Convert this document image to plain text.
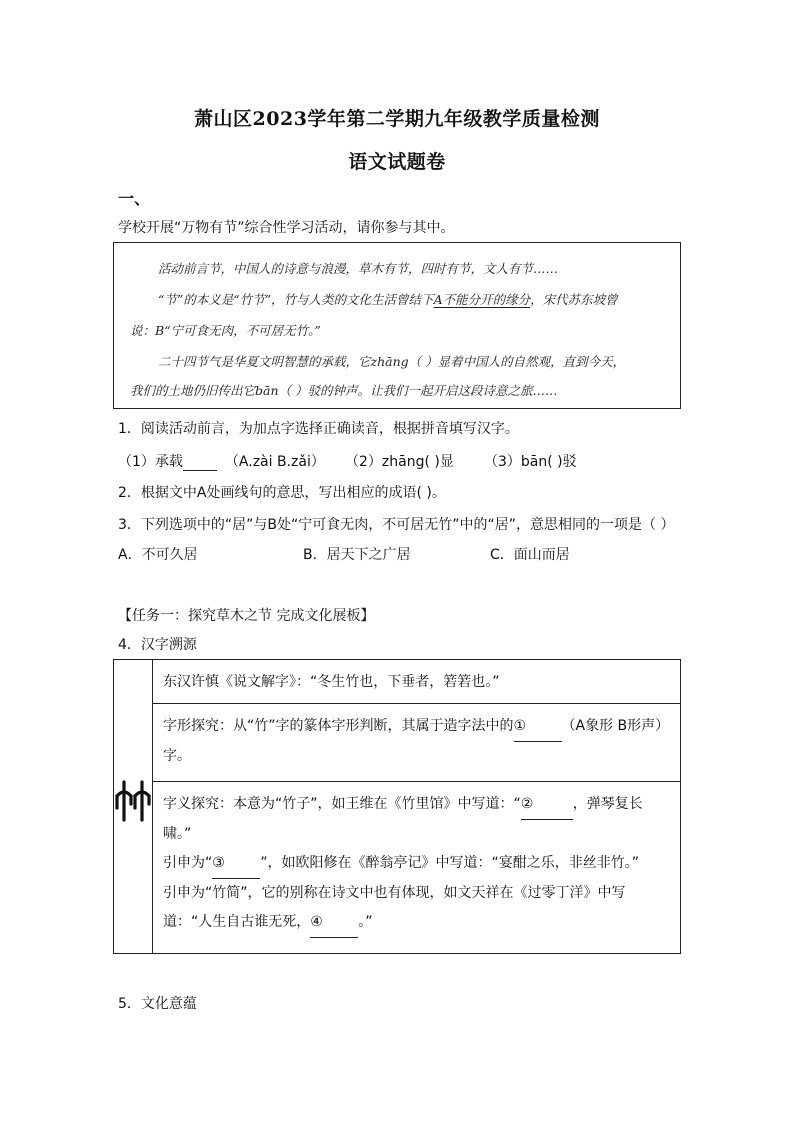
萧山区2023学年第二学期九年级教学质量检测
语文试题卷
一、
学校开展“万物有节”综合性学习活动，请你参与其中。
活动前言节，中国人的诗意与浪漫，草木有节，四时有节，文人有节……
“节”的本义是“竹节”，竹与人类的文化生活曾结下A不能分开的缘分，宋代苏东坡曾
说：B“宁可食无肉，不可居无竹。”
二十四节气是华夏文明智慧的承载，它zhāng（ ）显着中国人的自然观，直到今天，
我们的土地仍旧传出它bān（ ）驳的钟声。让我们一起开启这段诗意之旅……
1．阅读活动前言，为加点字选择正确读音，根据拼音填写汉字。
（1）承载	（A.zài B.zǎi） （2）zhāng( )显 （3）bān( )驳
2．根据文中A处画线句的意思，写出相应的成语( )。
3．下列选项中的“居”与B处“宁可食无肉，不可居无竹”中的“居”，意思相同的一项是（ ）
A．不可久居	B．居天下之广居	C．面山而居
【任务一：探究草木之节 完成文化展板】
4．汉字溯源
	东汉许慎《说文解字》：“冬生竹也，下垂者，箬箬也。”
字形探究：从“竹”字的篆体字形判断，其属于造字法中的①	（A象形 B形声）字。
字义探究：本意为“竹子”，如王维在《竹里馆》中写道：“②	，弹琴复长啸。”
引申为“③	”，如欧阳修在《醉翁亭记》中写道：“宴酣之乐，非丝非竹。”
引申为“竹简”，它的别称在诗文中也有体现，如文天祥在《过零丁洋》中写道：“人生自古谁无死，④	。”
5．文化意蕴
